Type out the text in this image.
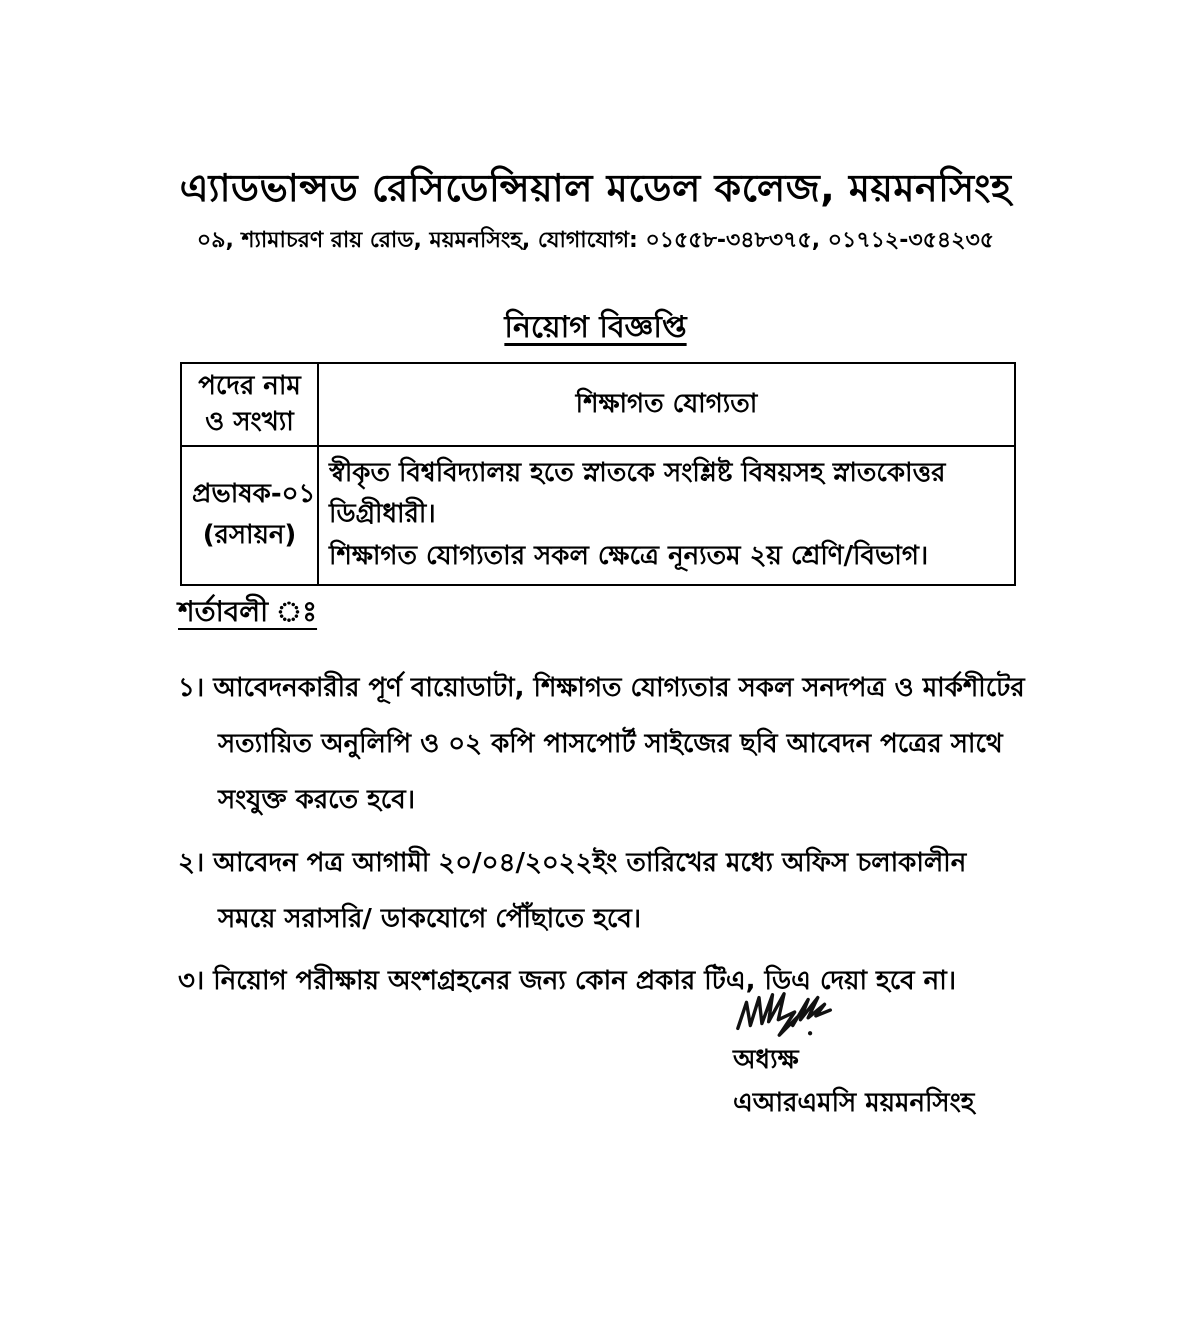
এ্যাডভান্সড রেসিডেন্সিয়াল মডেল কলেজ, ময়মনসিংহ
০৯, শ্যামাচরণ রায় রোড, ময়মনসিংহ, যোগাযোগ: ০১৫৫৮-৩৪৮৩৭৫, ০১৭১২-৩৫৪২৩৫
নিয়োগ বিজ্ঞপ্তি
পদের নাম ও সংখ্যা	শিক্ষাগত যোগ্যতা

প্রভাষক-০১
(রসায়ন)	স্বীকৃত বিশ্ববিদ্যালয় হতে স্নাতকে সংশ্লিষ্ট বিষয়সহ স্নাতকোত্তর ডিগ্রীধারী।
শিক্ষাগত যোগ্যতার সকল ক্ষেত্রে নূন্যতম ২য় শ্রেণি/বিভাগ।
শর্তাবলী ঃ
১। আবেদনকারীর পূর্ণ বায়োডাটা, শিক্ষাগত যোগ্যতার সকল সনদপত্র ও মার্কশীটের সত্যায়িত অনুলিপি ও ০২ কপি পাসপোর্ট সাইজের ছবি আবেদন পত্রের সাথে সংযুক্ত করতে হবে।
২। আবেদন পত্র আগামী ২০/০৪/২০২২ইং তারিখের মধ্যে অফিস চলাকালীন সময়ে সরাসরি/ ডাকযোগে পৌঁছাতে হবে।
৩। নিয়োগ পরীক্ষায় অংশগ্রহনের জন্য কোন প্রকার টিএ, ডিএ দেয়া হবে না।
অধ্যক্ষ
এআরএমসি ময়মনসিংহ
